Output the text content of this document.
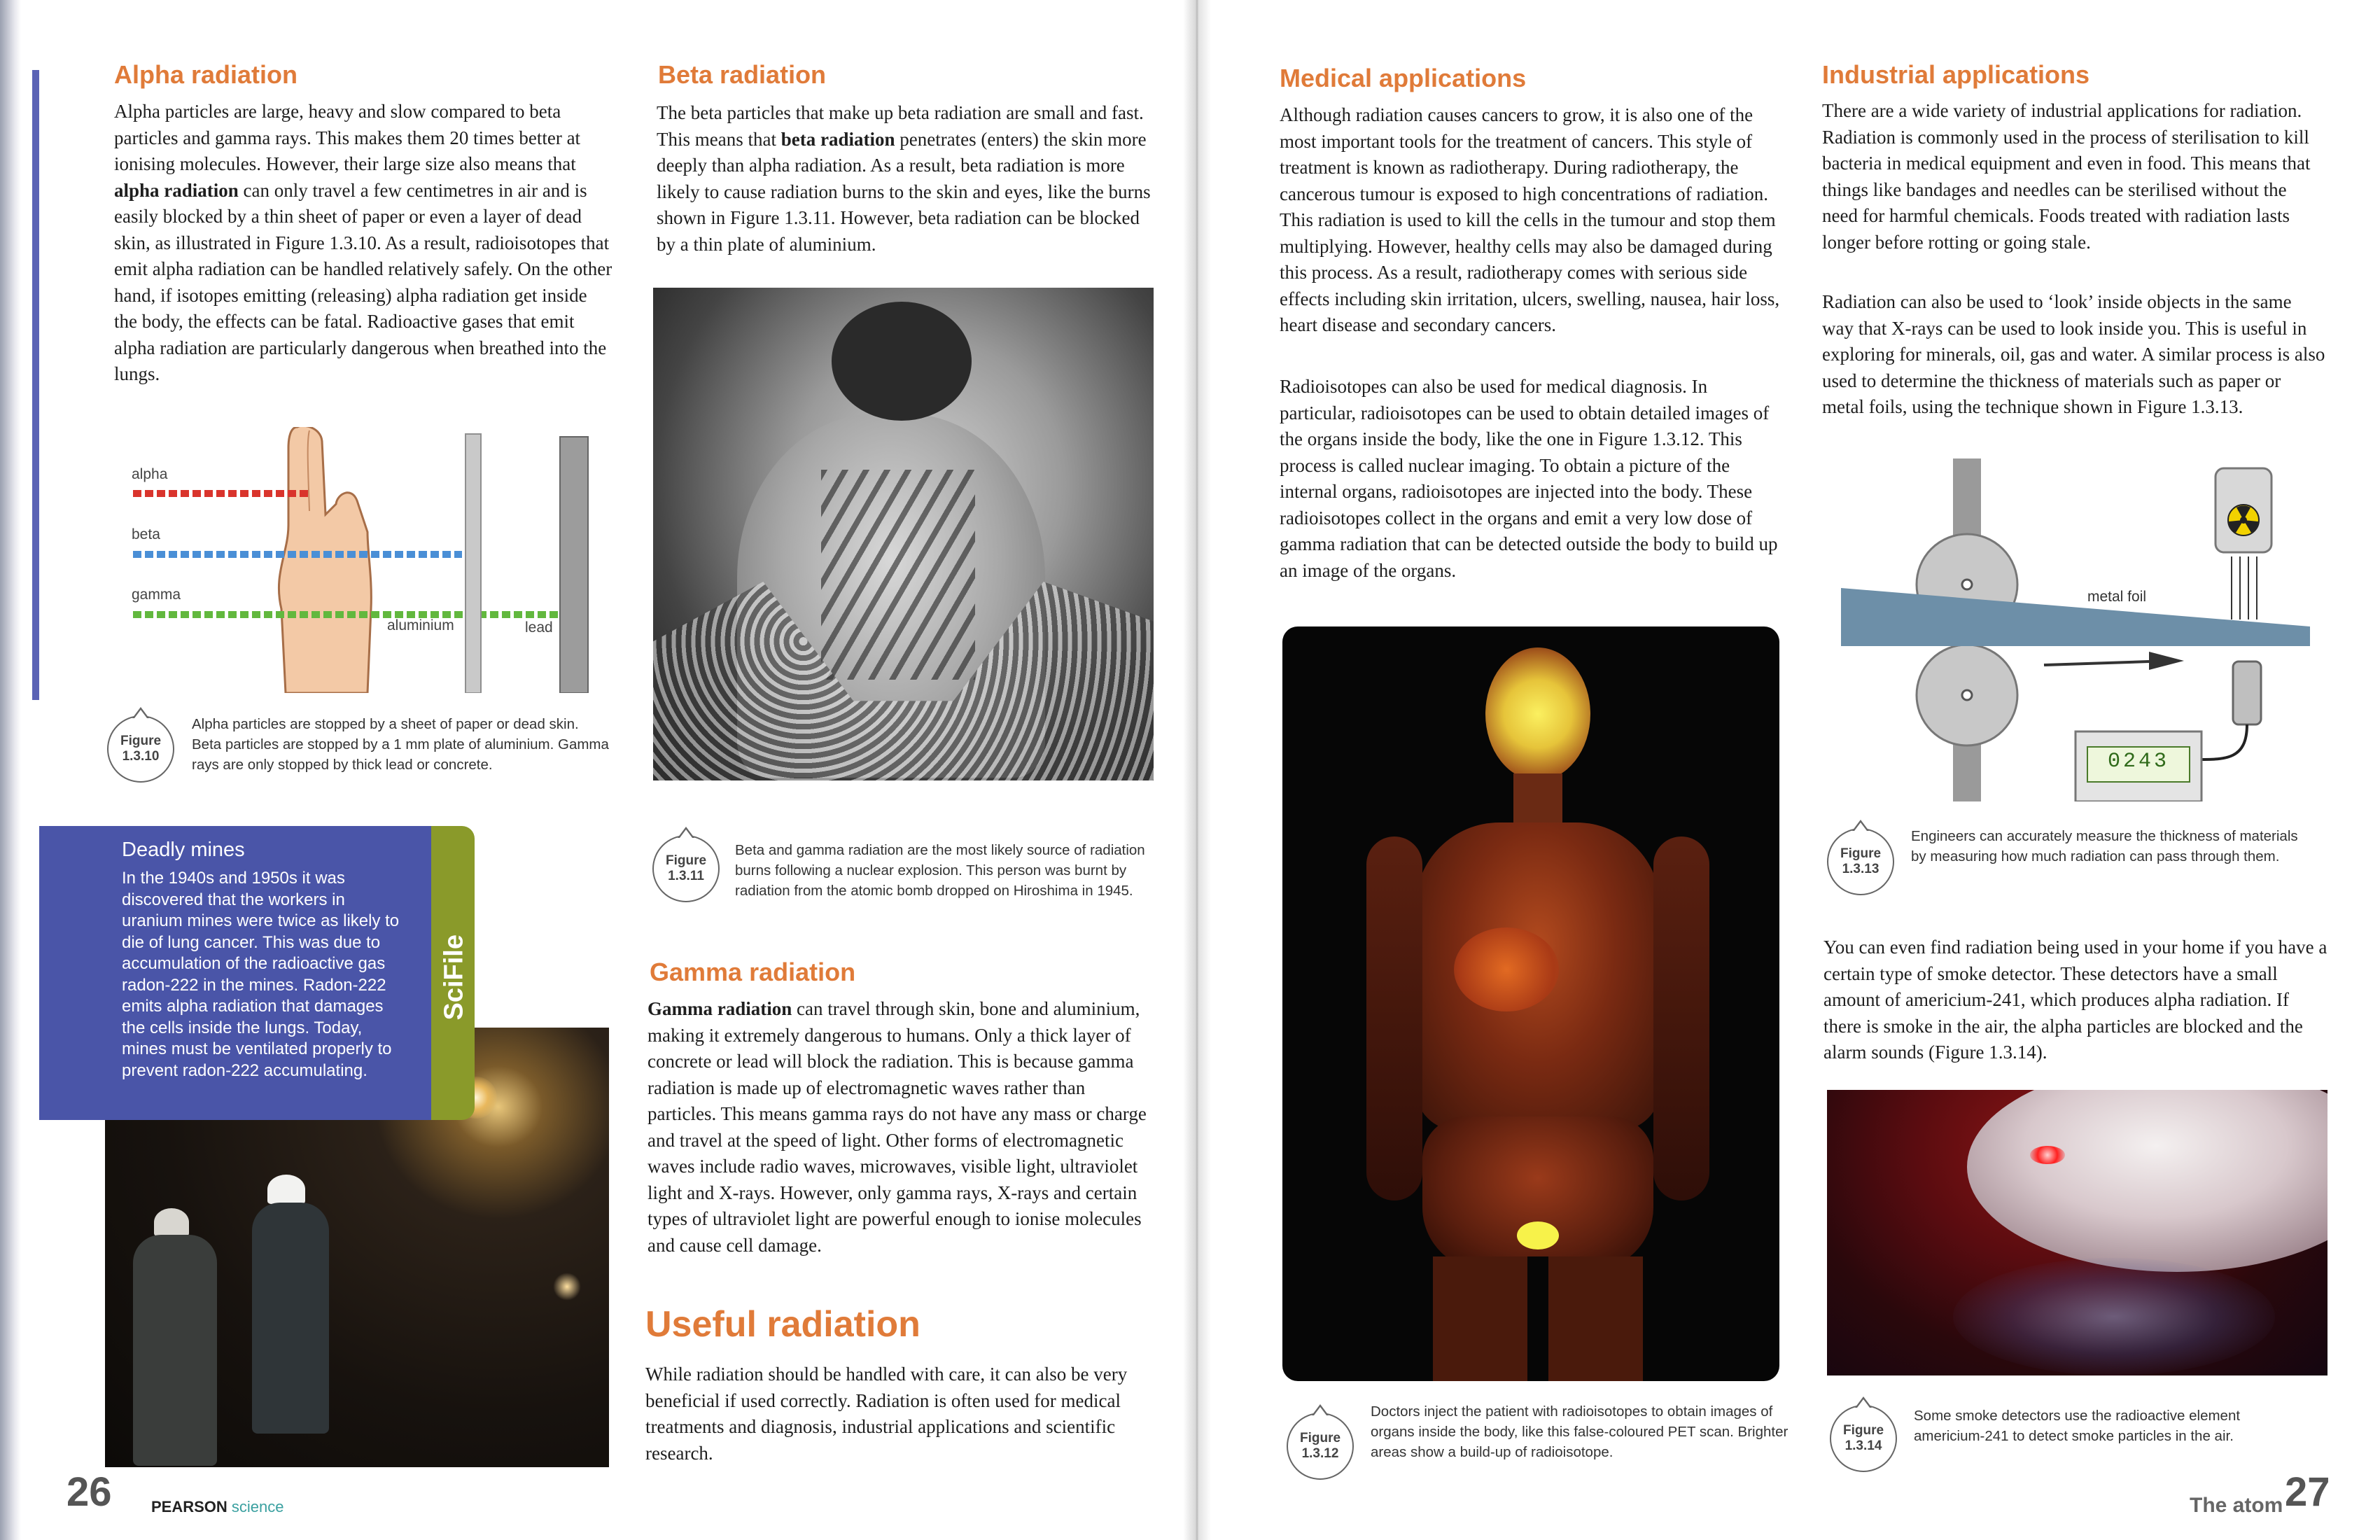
Alpha radiation
Alpha particles are large, heavy and slow compared to beta particles and gamma rays. This makes them 20 times better at ionising molecules. However, their large size also means that alpha radiation can only travel a few centimetres in air and is easily blocked by a thin sheet of paper or even a layer of dead skin, as illustrated in Figure 1.3.10. As a result, radioisotopes that emit alpha radiation can be handled relatively safely. On the other hand, if isotopes emitting (releasing) alpha radiation get inside the body, the effects can be fatal. Radioactive gases that emit alpha radiation are particularly dangerous when breathed into the lungs.
alpha
beta
gamma
aluminium	lead
Figure
1.3.10
Alpha particles are stopped by a sheet of paper or dead skin. Beta particles are stopped by a 1 mm plate of aluminium. Gamma rays are only stopped by thick lead or concrete.
SciFile
Deadly mines
In the 1940s and 1950s it was discovered that the workers in uranium mines were twice as likely to die of lung cancer. This was due to accumulation of the radioactive gas radon-222 in the mines. Radon-222 emits alpha radiation that damages the cells inside the lungs. Today, mines must be ventilated properly to prevent radon-222 accumulating.
Beta radiation
The beta particles that make up beta radiation are small and fast. This means that beta radiation penetrates (enters) the skin more deeply than alpha radiation. As a result, beta radiation is more likely to cause radiation burns to the skin and eyes, like the burns shown in Figure 1.3.11. However, beta radiation can be blocked by a thin plate of aluminium.
Figure
1.3.11
Beta and gamma radiation are the most likely source of radiation burns following a nuclear explosion. This person was burnt by radiation from the atomic bomb dropped on Hiroshima in 1945.
Gamma radiation
Gamma radiation can travel through skin, bone and aluminium, making it extremely dangerous to humans. Only a thick layer of concrete or lead will block the radiation. This is because gamma radiation is made up of electromagnetic waves rather than particles. This means gamma rays do not have any mass or charge and travel at the speed of light. Other forms of electromagnetic waves include radio waves, microwaves, visible light, ultraviolet light and X-rays. However, only gamma rays, X-rays and certain types of ultraviolet light are powerful enough to ionise molecules and cause cell damage.
Useful radiation
While radiation should be handled with care, it can also be very beneficial if used correctly. Radiation is often used for medical treatments and diagnosis, industrial applications and scientific research.
26	PEARSON science
Medical applications
Although radiation causes cancers to grow, it is also one of the most important tools for the treatment of cancers. This style of treatment is known as radiotherapy. During radiotherapy, the cancerous tumour is exposed to high concentrations of radiation. This radiation is used to kill the cells in the tumour and stop them multiplying. However, healthy cells may also be damaged during this process. As a result, radiotherapy comes with serious side effects including skin irritation, ulcers, swelling, nausea, hair loss, heart disease and secondary cancers.
Radioisotopes can also be used for medical diagnosis. In particular, radioisotopes can be used to obtain detailed images of the organs inside the body, like the one in Figure 1.3.12. This process is called nuclear imaging. To obtain a picture of the internal organs, radioisotopes are injected into the body. These radioisotopes collect in the organs and emit a very low dose of gamma radiation that can be detected outside the body to build up an image of the organs.
Figure
1.3.12
Doctors inject the patient with radioisotopes to obtain images of organs inside the body, like this false-coloured PET scan. Brighter areas show a build-up of radioisotope.
Industrial applications
There are a wide variety of industrial applications for radiation. Radiation is commonly used in the process of sterilisation to kill bacteria in medical equipment and even in food. This means that things like bandages and needles can be sterilised without the need for harmful chemicals. Foods treated with radiation lasts longer before rotting or going stale.
Radiation can also be used to ‘look’ inside objects in the same way that X-rays can be used to look inside you. This is useful in exploring for minerals, oil, gas and water. A similar process is also used to determine the thickness of materials such as paper or metal foils, using the technique shown in Figure 1.3.13.
metal foil
0243
Figure
1.3.13
Engineers can accurately measure the thickness of materials by measuring how much radiation can pass through them.
You can even find radiation being used in your home if you have a certain type of smoke detector. These detectors have a small amount of americium-241, which produces alpha radiation. If there is smoke in the air, the alpha particles are blocked and the alarm sounds (Figure 1.3.14).
Figure
1.3.14
Some smoke detectors use the radioactive element americium-241 to detect smoke particles in the air.
The atom 27
